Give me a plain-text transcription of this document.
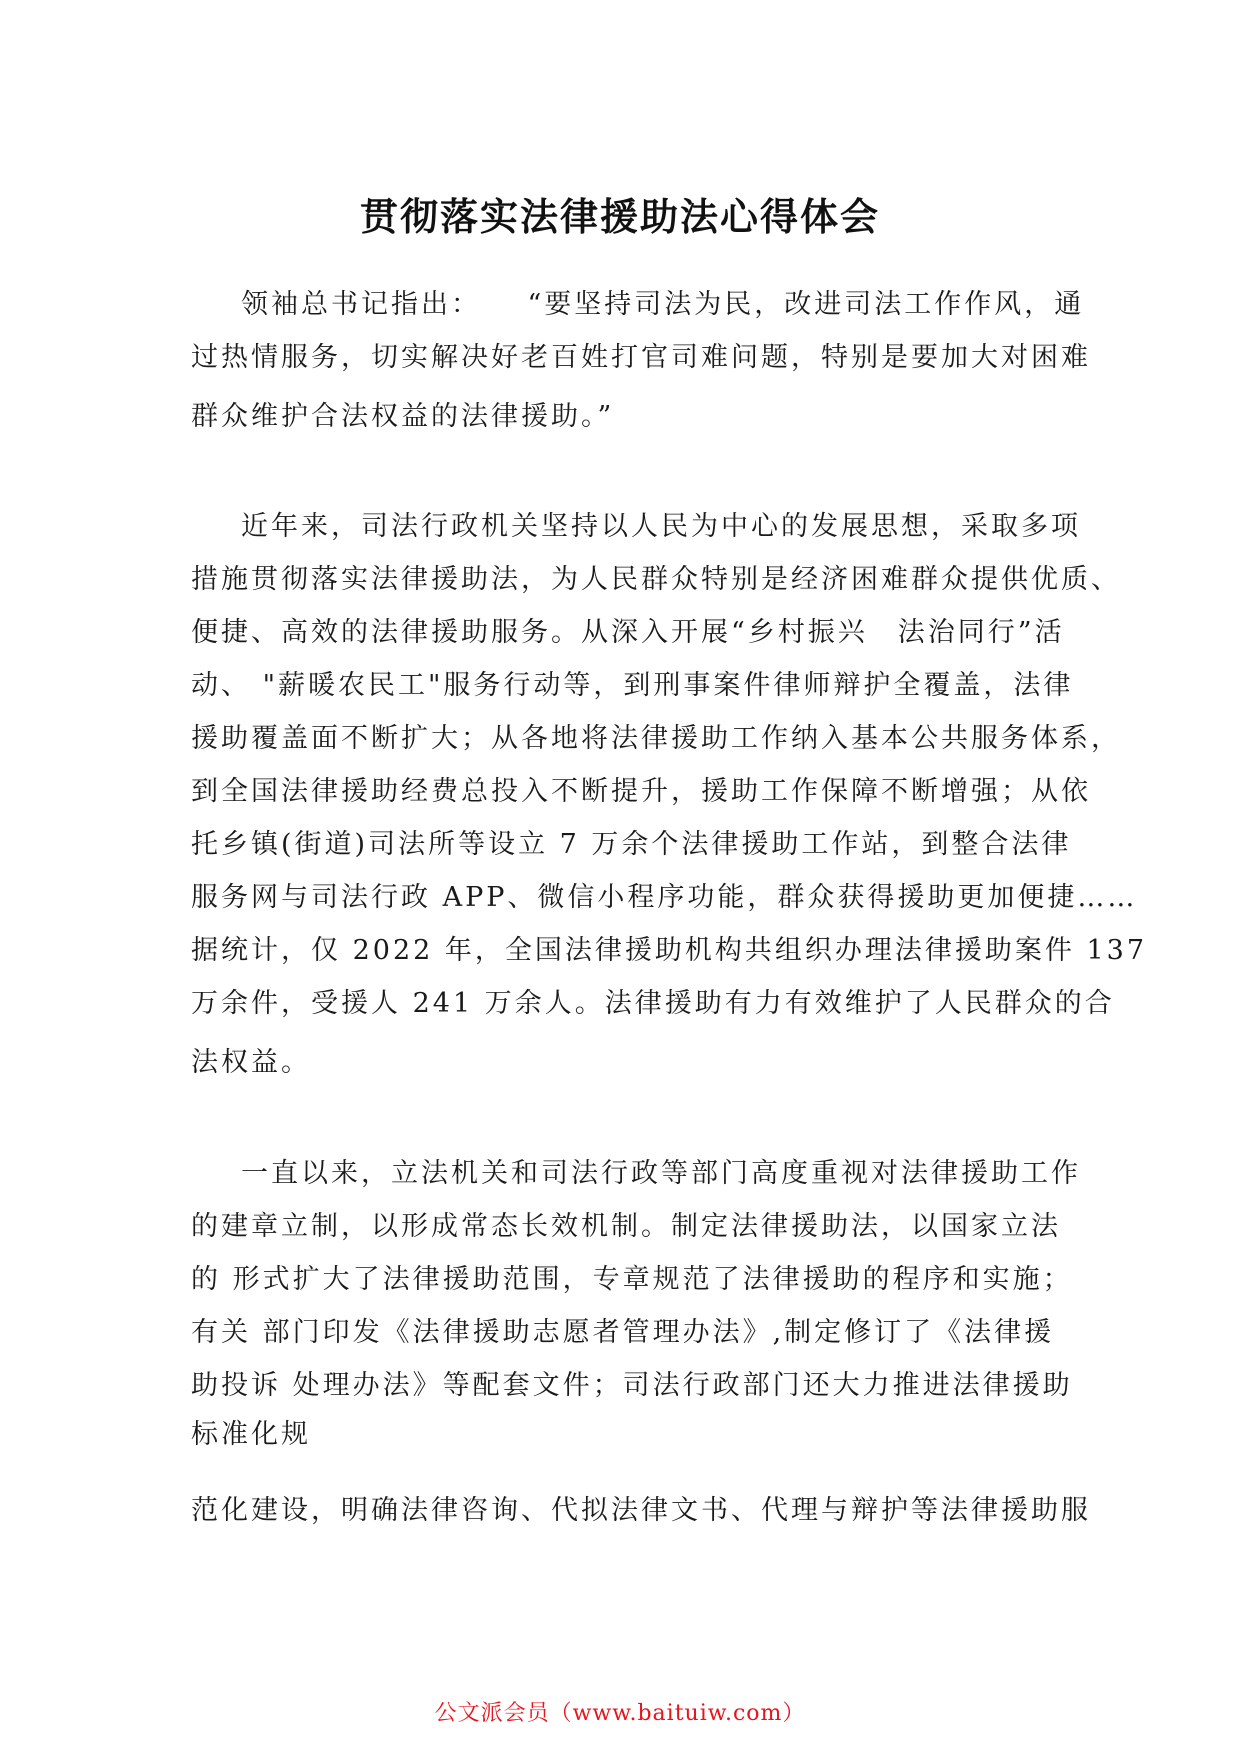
贯彻落实法律援助法心得体会
领袖总书记指出：　　“要坚持司法为民，改进司法工作作风，通
过热情服务，切实解决好老百姓打官司难问题，特别是要加大对困难
群众维护合法权益的法律援助。”
近年来，司法行政机关坚持以人民为中心的发展思想，采取多项
措施贯彻落实法律援助法，为人民群众特别是经济困难群众提供优质、
便捷、高效的法律援助服务。从深入开展“乡村振兴　法治同行”活
动、 "薪暖农民工"服务行动等，到刑事案件律师辩护全覆盖，法律
援助覆盖面不断扩大；从各地将法律援助工作纳入基本公共服务体系，
到全国法律援助经费总投入不断提升，援助工作保障不断增强；从依
托乡镇(街道)司法所等设立 7 万余个法律援助工作站，到整合法律
服务网与司法行政 APP、微信小程序功能，群众获得援助更加便捷……
据统计，仅 2022 年，全国法律援助机构共组织办理法律援助案件 137
万余件，受援人 241 万余人。法律援助有力有效维护了人民群众的合
法权益。
一直以来，立法机关和司法行政等部门高度重视对法律援助工作
的建章立制，以形成常态长效机制。制定法律援助法，以国家立法
的 形式扩大了法律援助范围，专章规范了法律援助的程序和实施；
有关 部门印发《法律援助志愿者管理办法》,制定修订了《法律援
助投诉 处理办法》等配套文件；司法行政部门还大力推进法律援助
标准化规
范化建设，明确法律咨询、代拟法律文书、代理与辩护等法律援助服
公文派会员（www.baituiw.com）
